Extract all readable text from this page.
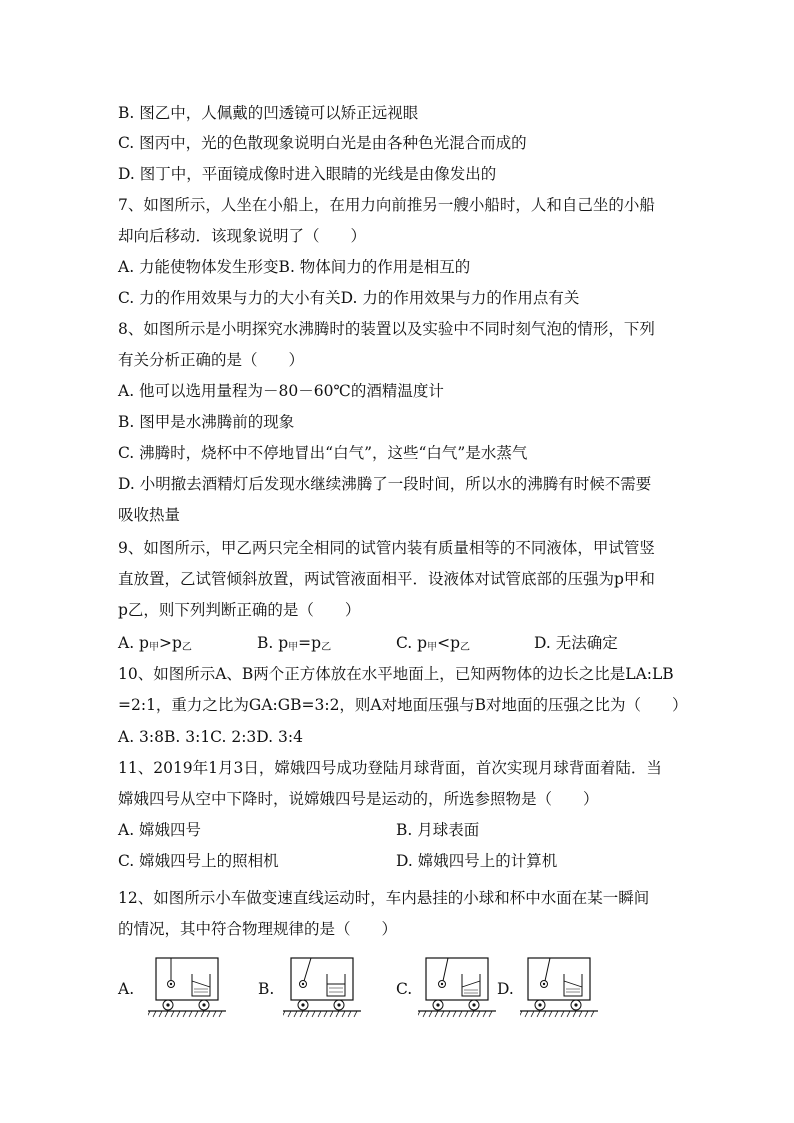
B. 图乙中，人佩戴的凹透镜可以矫正远视眼
C. 图丙中，光的色散现象说明白光是由各种色光混合而成的
D. 图丁中，平面镜成像时进入眼睛的光线是由像发出的
7、如图所示，人坐在小船上，在用力向前推另一艘小船时，人和自己坐的小船
却向后移动．该现象说明了（　　）
A. 力能使物体发生形变B. 物体间力的作用是相互的
C. 力的作用效果与力的大小有关D. 力的作用效果与力的作用点有关
8、如图所示是小明探究水沸腾时的装置以及实验中不同时刻气泡的情形，下列
有关分析正确的是（　　）
A. 他可以选用量程为－80－60℃的酒精温度计
B. 图甲是水沸腾前的现象
C. 沸腾时，烧杯中不停地冒出“白气”，这些“白气”是水蒸气
D. 小明撤去酒精灯后发现水继续沸腾了一段时间，所以水的沸腾有时候不需要
吸收热量
9、如图所示，甲乙两只完全相同的试管内装有质量相等的不同液体，甲试管竖
直放置，乙试管倾斜放置，两试管液面相平．设液体对试管底部的压强为p甲和
p乙，则下列判断正确的是（　　）
A. $p_甲>p_乙$	B. $p_甲=p_乙$	C. $p_甲<p_乙$	D. 无法确定
10、如图所示A、B两个正方体放在水平地面上，已知两物体的边长之比是LA:LB
=2:1，重力之比为GA:GB=3:2，则A对地面压强与B对地面的压强之比为（　　）
A. 3:8B. 3:1C. 2:3D. 3:4
11、2019年1月3日，嫦娥四号成功登陆月球背面，首次实现月球背面着陆．当
嫦娥四号从空中下降时，说嫦娥四号是运动的，所选参照物是（　　）
A. 嫦娥四号	B. 月球表面
C. 嫦娥四号上的照相机	D. 嫦娥四号上的计算机
12、如图所示小车做变速直线运动时，车内悬挂的小球和杯中水面在某一瞬间
的情况，其中符合物理规律的是（　　）
A.	B.	C.	D.
